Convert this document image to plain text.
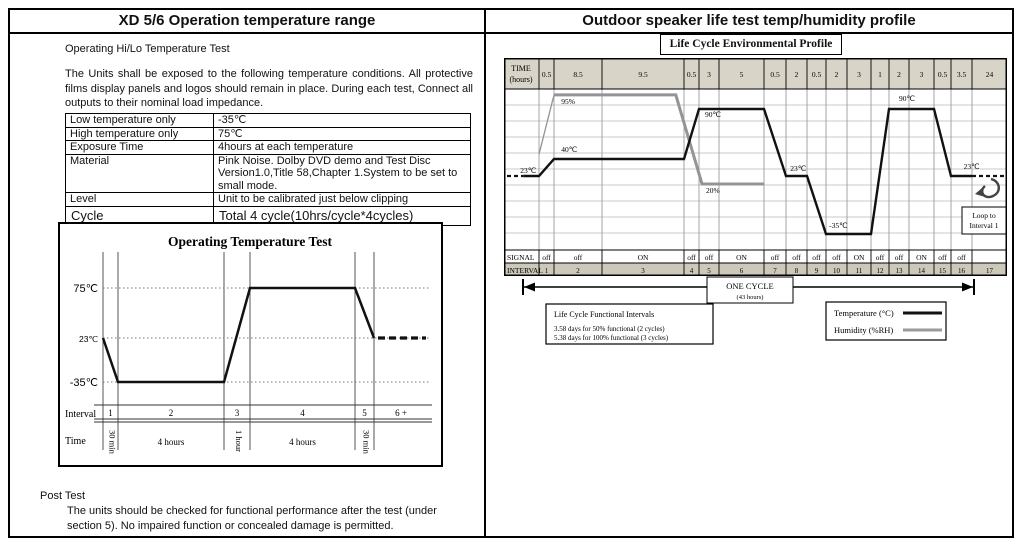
XD 5/6 Operation temperature range
Operating Hi/Lo Temperature Test
The Units shall be exposed to the following temperature conditions. All protective films display panels and logos should remain in place. During each test, Connect all outputs to their nominal load impedance.
Low temperature only	-35℃
High temperature only	75℃
Exposure Time	4hours at each temperature
Material	Pink Noise. Dolby DVD demo and Test Disc Version1.0,Title 58,Chapter 1.System to be set to small mode.
Level	Unit to be calibrated just below clipping
Cycle	Total 4 cycle(10hrs/cycle*4cycles)
Operating Temperature Test
75℃
23℃
-35℃
Interval
Time
1
30 min
2
4 hours
3
1 hour
4
4 hours
5
30 min
6 +
Post Test
The units should be checked for functional performance after the test (under section 5). No impaired function or concealed damage is permitted.
Outdoor speaker life test temp/humidity profile
Life Cycle Environmental Profile
TIME
(hours)
0.5	8.5	9.5	0.5 3	5	0.5 2 0.5 2	3 1 2	3 0.5 3.5	24
SIGNAL off	off	ON	off off	ON	off off off off ON off off ON off off
INTERVAL 1	2	3	4 5	6	7	8 9 10 11 12 13 14 15 16	17
23℃
95%
40℃
90℃
20%
23℃
-35℃
90℃
23℃
Loop to
Interval 1
ONE CYCLE
(43 hours)
Life Cycle Functional Intervals
3.58 days for 50% functional (2 cycles)
5.38 days for 100% functional (3 cycles)
Temperature (°C)
Humidity (%RH)
